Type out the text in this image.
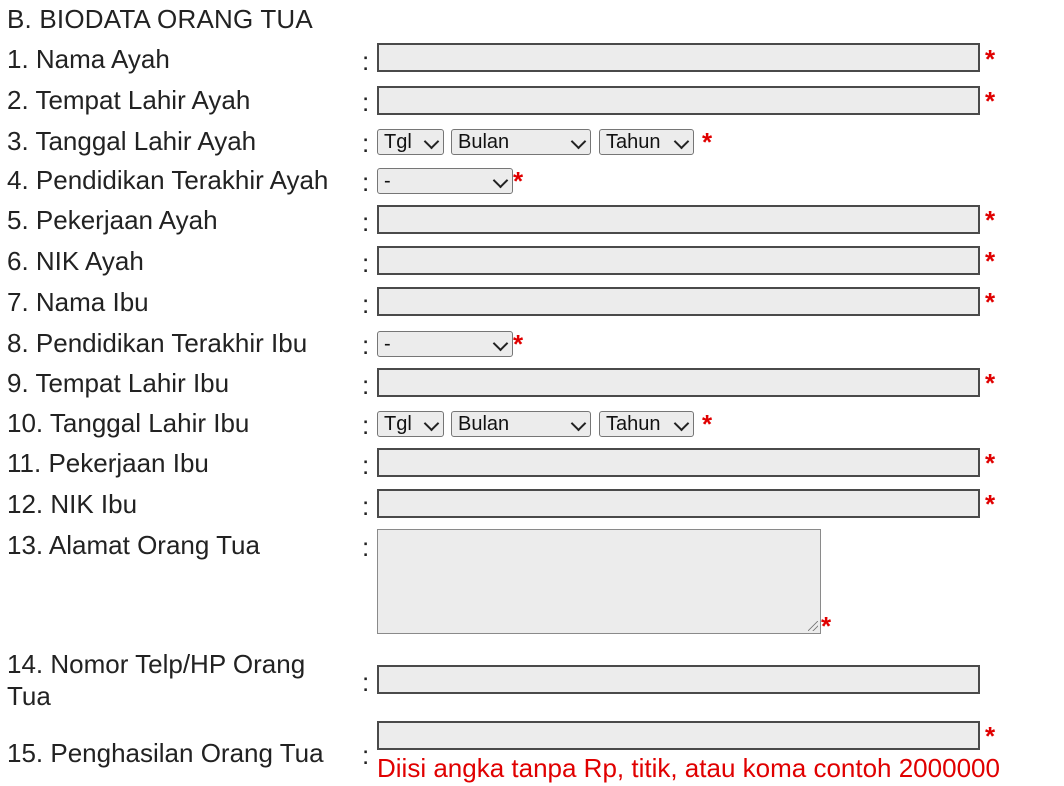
B. BIODATA ORANG TUA
1. Nama Ayah	:	*
2. Tempat Lahir Ayah	:	*
3. Tanggal Lahir Ayah	: Tgl	Bulan	Tahun	*
4. Pendidikan Terakhir Ayah : -	*
5. Pekerjaan Ayah	:	*
6. NIK Ayah	:	*
7. Nama Ibu	:	*
8. Pendidikan Terakhir Ibu : -	*
9. Tempat Lahir Ibu	:	*
10. Tanggal Lahir Ibu	: Tgl	Bulan	Tahun	*
11. Pekerjaan Ibu	:	*
12. NIK Ibu	:	*
13. Alamat Orang Tua	:
*
14. Nomor Telp/HP Orang Tua	:
15. Penghasilan Orang Tua :
*
Diisi angka tanpa Rp, titik, atau koma contoh 2000000
